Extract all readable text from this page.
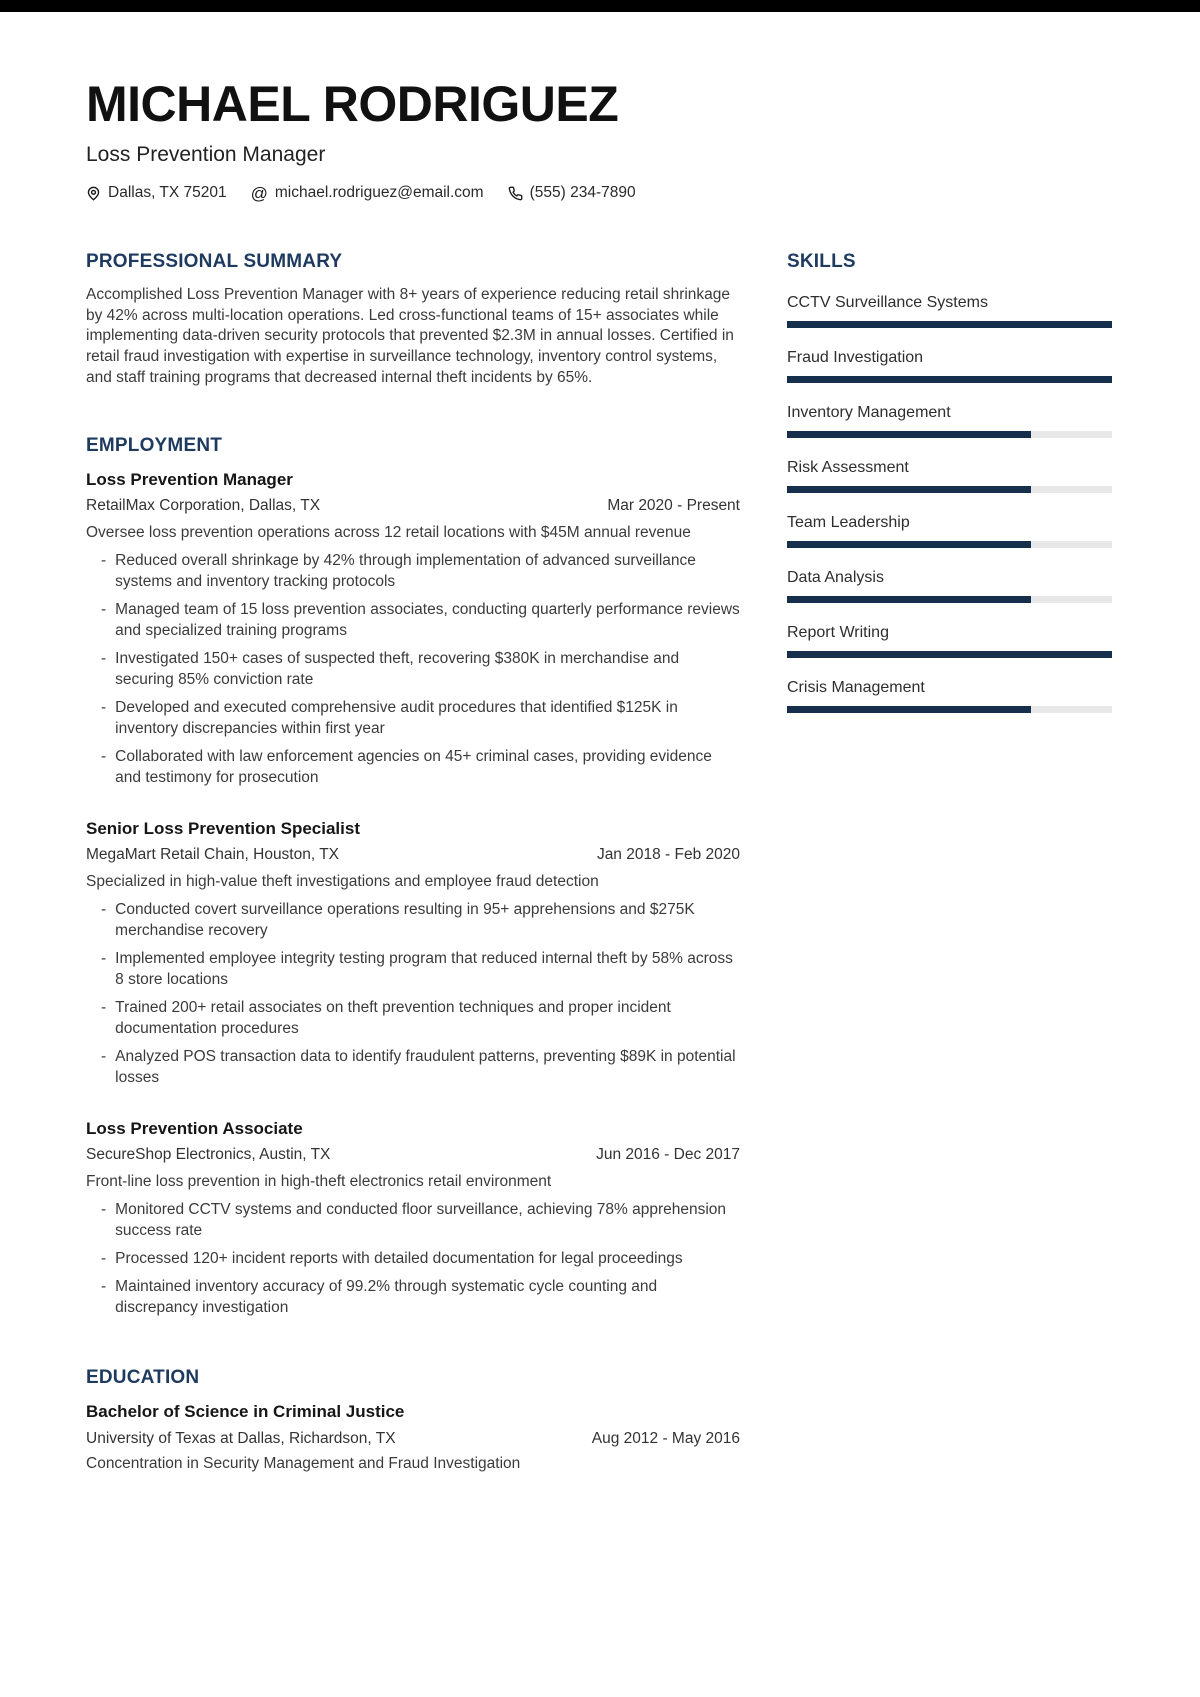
MICHAEL RODRIGUEZ
Loss Prevention Manager
Dallas, TX 75201 @ michael.rodriguez@email.com	(555) 234-7890
PROFESSIONAL SUMMARY
Accomplished Loss Prevention Manager with 8+ years of experience reducing retail shrinkage by 42% across multi-location operations. Led cross-functional teams of 15+ associates while implementing data-driven security protocols that prevented $2.3M in annual losses. Certified in retail fraud investigation with expertise in surveillance technology, inventory control systems, and staff training programs that decreased internal theft incidents by 65%.
EMPLOYMENT
Loss Prevention Manager
RetailMax Corporation, Dallas, TX	Mar 2020 - Present
Oversee loss prevention operations across 12 retail locations with $45M annual revenue
-
Reduced overall shrinkage by 42% through implementation of advanced surveillance systems and inventory tracking protocols
-
Managed team of 15 loss prevention associates, conducting quarterly performance reviews and specialized training programs
-
Investigated 150+ cases of suspected theft, recovering $380K in merchandise and securing 85% conviction rate
-
Developed and executed comprehensive audit procedures that identified $125K in inventory discrepancies within first year
-
Collaborated with law enforcement agencies on 45+ criminal cases, providing evidence and testimony for prosecution
Senior Loss Prevention Specialist
MegaMart Retail Chain, Houston, TX	Jan 2018 - Feb 2020
Specialized in high-value theft investigations and employee fraud detection
-
Conducted covert surveillance operations resulting in 95+ apprehensions and $275K merchandise recovery
-
Implemented employee integrity testing program that reduced internal theft by 58% across 8 store locations
-
Trained 200+ retail associates on theft prevention techniques and proper incident documentation procedures
-
Analyzed POS transaction data to identify fraudulent patterns, preventing $89K in potential losses
Loss Prevention Associate
SecureShop Electronics, Austin, TX	Jun 2016 - Dec 2017
Front-line loss prevention in high-theft electronics retail environment
-
Monitored CCTV systems and conducted floor surveillance, achieving 78% apprehension success rate
-
Processed 120+ incident reports with detailed documentation for legal proceedings
-
Maintained inventory accuracy of 99.2% through systematic cycle counting and discrepancy investigation
EDUCATION
Bachelor of Science in Criminal Justice
University of Texas at Dallas, Richardson, TX	Aug 2012 - May 2016
Concentration in Security Management and Fraud Investigation
SKILLS
CCTV Surveillance Systems
Fraud Investigation
Inventory Management
Risk Assessment
Team Leadership
Data Analysis
Report Writing
Crisis Management
